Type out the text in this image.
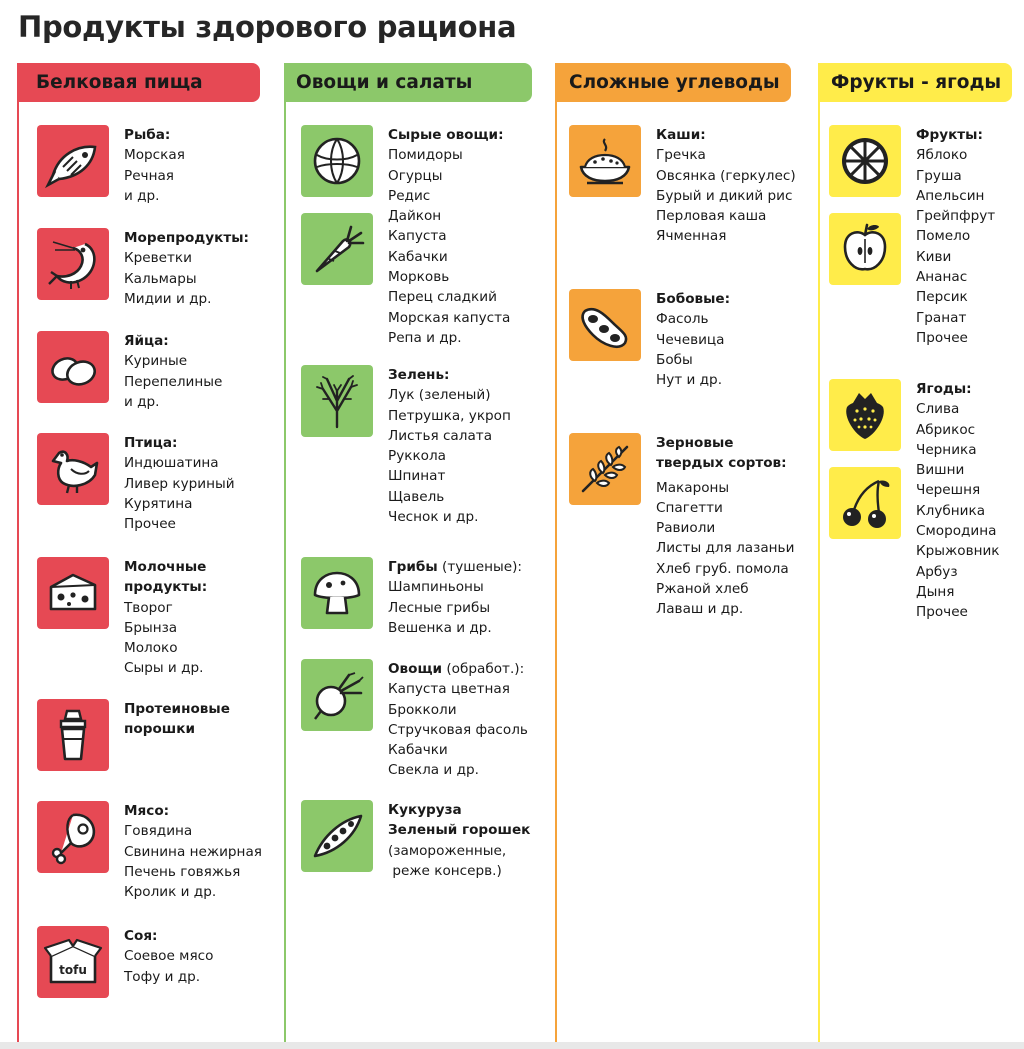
Продукты здорового рациона
Белковая пища
Рыба:
Морская
Речная
и др.
Морепродукты:
Креветки
Кальмары
Мидии и др.
Яйца:
Куриные
Перепелиные
и др.
Птица:
Индюшатина
Ливер куриный
Курятина
Прочее
Молочные
продукты:
Творог
Брынза
Молоко
Сыры и др.
Протеиновые
порошки
Мясо:
Говядина
Свинина нежирная
Печень говяжья
Кролик и др.
tofu
Соя:
Соевое мясо
Тофу и др.
Овощи и салаты
Сырые овощи:
Помидоры
Огурцы
Редис
Дайкон
Капуста
Кабачки
Морковь
Перец сладкий
Морская капуста
Репа и др.
Зелень:
Лук (зеленый)
Петрушка, укроп
Листья салата
Руккола
Шпинат
Щавель
Чеснок и др.
Грибы (тушеные):
Шампиньоны
Лесные грибы
Вешенка и др.
Овощи (обработ.):
Капуста цветная
Брокколи
Стручковая фасоль
Кабачки
Свекла и др.
Кукуруза
Зеленый горошек
(замороженные,
реже консерв.)
Сложные углеводы
Каши:
Гречка
Овсянка (геркулес)
Бурый и дикий рис
Перловая каша
Ячменная
Бобовые:
Фасоль
Чечевица
Бобы
Нут и др.
Зерновые
твердых сортов:
Макароны
Спагетти
Равиоли
Листы для лазаньи
Хлеб груб. помола
Ржаной хлеб
Лаваш и др.
Фрукты - ягоды
Фрукты:
Яблоко
Груша
Апельсин
Грейпфрут
Помело
Киви
Ананас
Персик
Гранат
Прочее
Ягоды:
Слива
Абрикос
Черника
Вишни
Черешня
Клубника
Смородина
Крыжовник
Арбуз
Дыня
Прочее
